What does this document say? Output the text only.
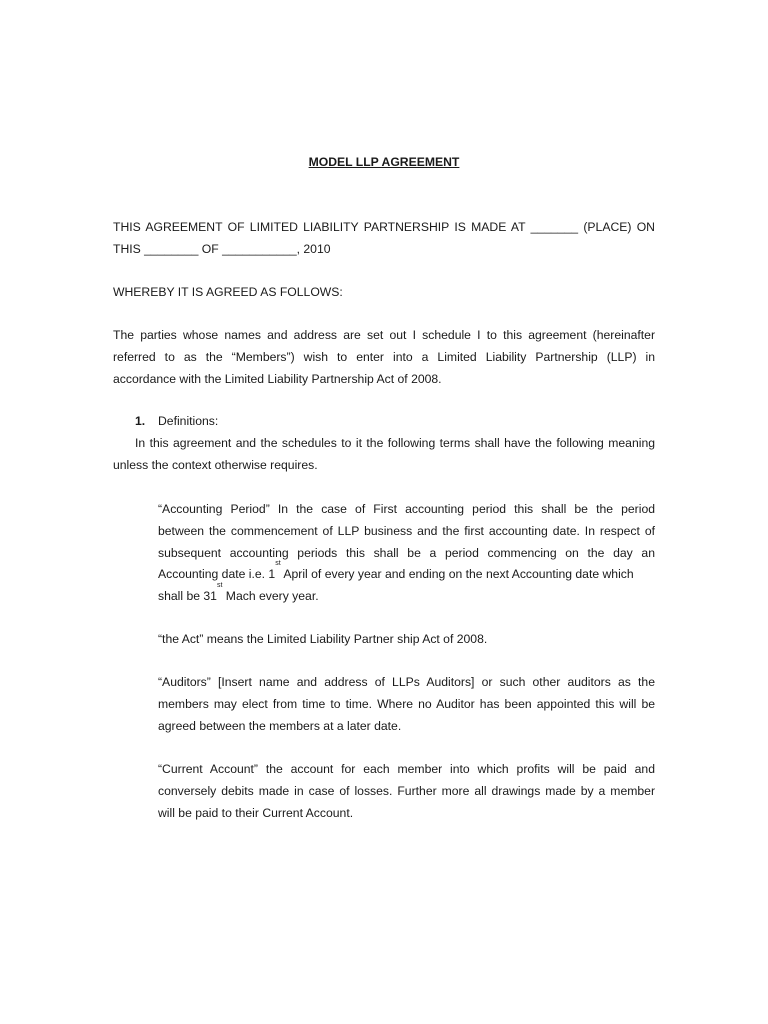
MODEL LLP AGREEMENT
THIS AGREEMENT OF LIMITED LIABILITY PARTNERSHIP IS MADE AT _______ (PLACE) ON
THIS ________ OF ___________, 2010
WHEREBY IT IS AGREED AS FOLLOWS:
The parties whose names and address are set out I schedule I to this agreement (hereinafter
referred to as the “Members”) wish to enter into a Limited Liability Partnership (LLP) in
accordance with the Limited Liability Partnership Act of 2008.
1. Definitions:
In this agreement and the schedules to it the following terms shall have the following meaning
unless the context otherwise requires.
“Accounting Period” In the case of First accounting period this shall be the period
between the commencement of LLP business and the first accounting date. In respect of
subsequent accounting periods this shall be a period commencing on the day an
Accounting date i.e. 1st April of every year and ending on the next Accounting date which
shall be 31st Mach every year.
“the Act” means the Limited Liability Partner ship Act of 2008.
“Auditors” [Insert name and address of LLPs Auditors] or such other auditors as the
members may elect from time to time. Where no Auditor has been appointed this will be
agreed between the members at a later date.
“Current Account” the account for each member into which profits will be paid and
conversely debits made in case of losses. Further more all drawings made by a member
will be paid to their Current Account.
